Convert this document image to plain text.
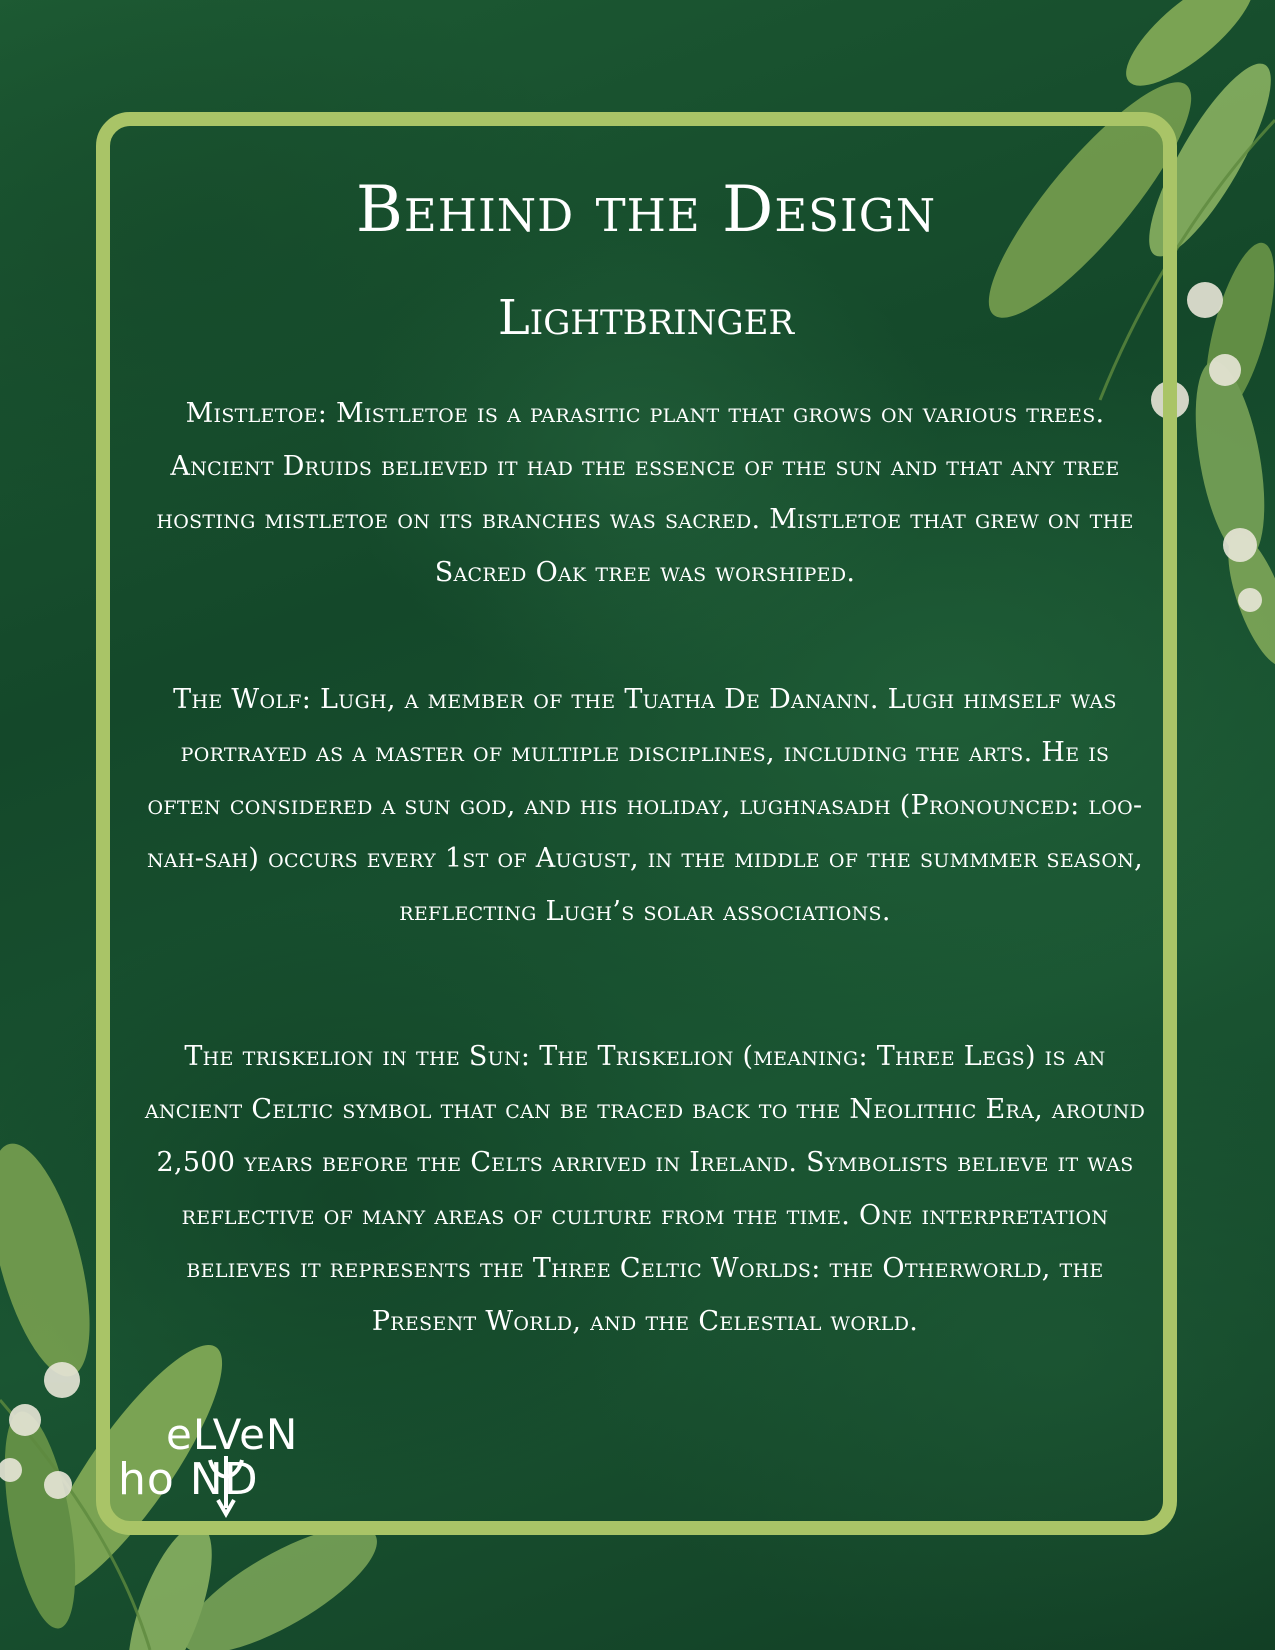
Behind the Design
Lightbringer

Mistletoe: Mistletoe is a parasitic plant that grows on various trees. Ancient Druids believed it had the essence of the sun and that any tree hosting mistletoe on its branches was sacred. Mistletoe that grew on the Sacred Oak tree was worshiped.

The Wolf: Lugh, a member of the Tuatha De Danann. Lugh himself was portrayed as a master of multiple disciplines, including the arts. He is often considered a sun god, and his holiday, lughnasadh (Pronounced: loo-nah-sah) occurs every 1st of August, in the middle of the summmer season, reflecting Lugh’s solar associations.

The triskelion in the Sun: The Triskelion (meaning: Three Legs) is an ancient Celtic symbol that can be traced back to the Neolithic Era, around 2,500 years before the Celts arrived in Ireland. Symbolists believe it was reflective of many areas of culture from the time. One interpretation believes it represents the Three Celtic Worlds: the Otherworld, the Present World, and the Celestial world.

eLVeN
ho ND
